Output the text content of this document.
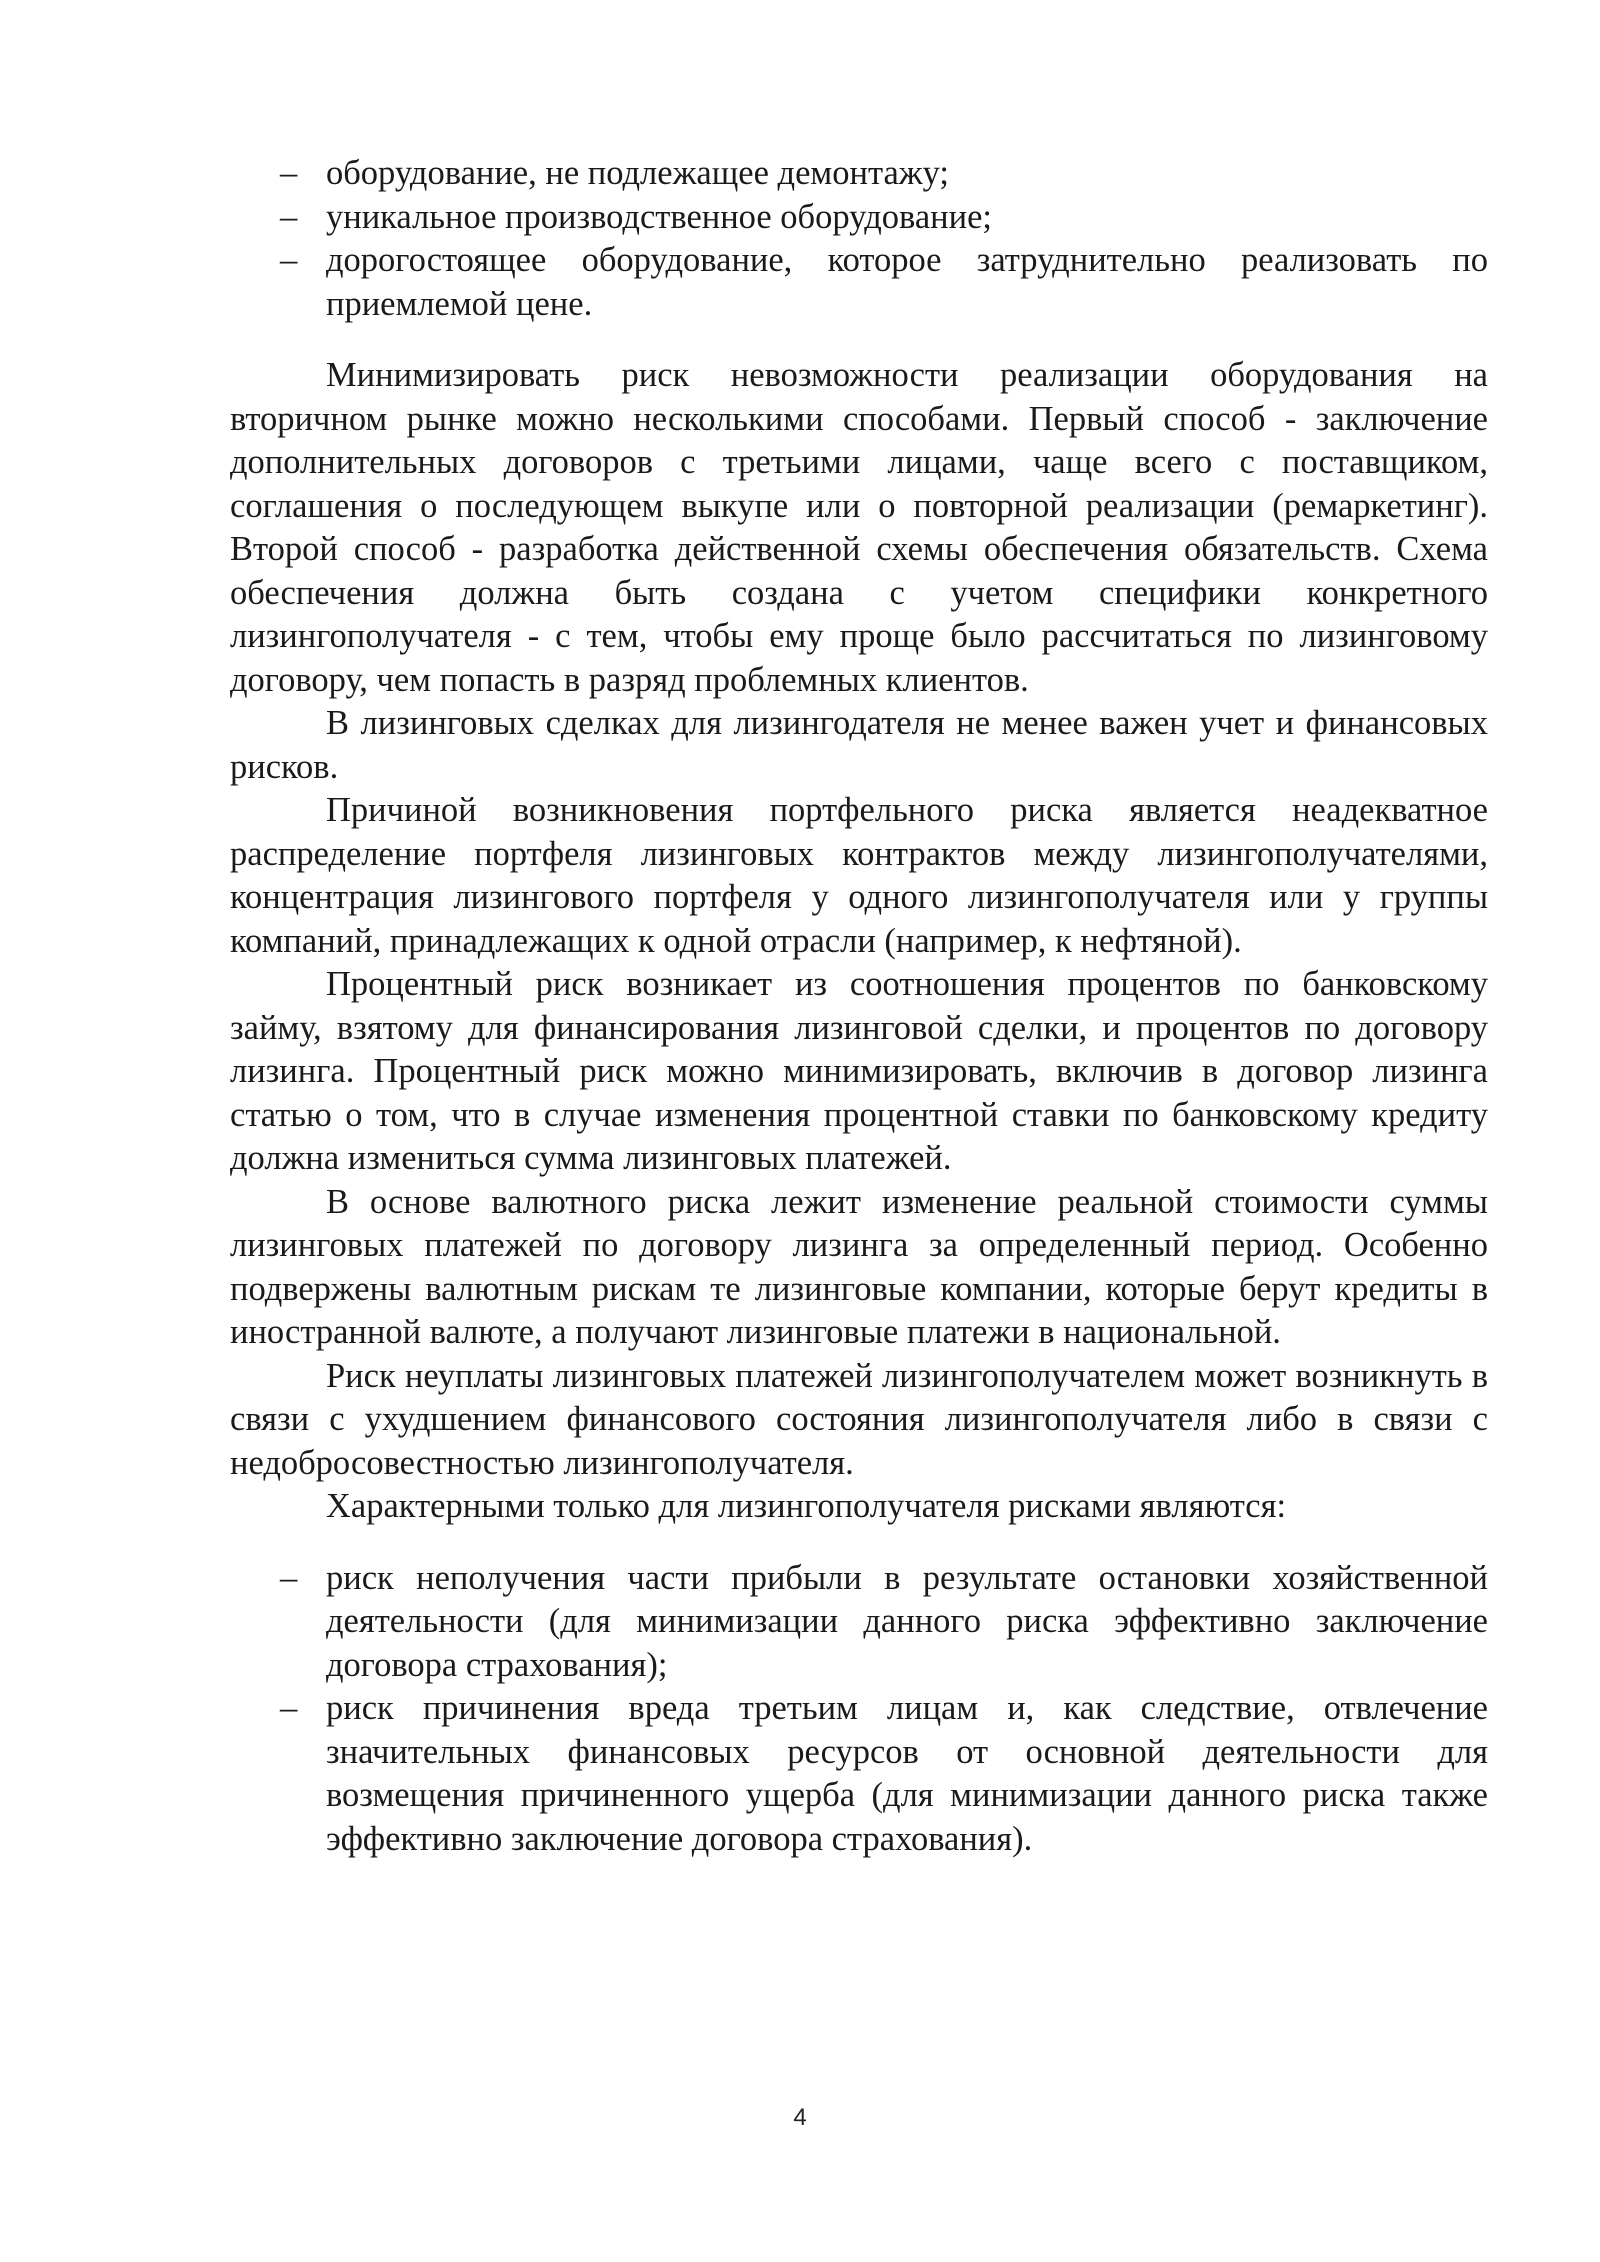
– оборудование, не подлежащее демонтажу;
– уникальное производственное оборудование;
– дорогостоящее оборудование, которое затруднительно реализовать по приемлемой цене.

Минимизировать риск невозможности реализации оборудования на вторичном рынке можно несколькими способами. Первый способ - заключение дополнительных договоров с третьими лицами, чаще всего с поставщиком, соглашения о последующем выкупе или о повторной реализации (ремаркетинг). Второй способ - разработка действенной схемы обеспечения обязательств. Схема обеспечения должна быть создана с учетом специфики конкретного лизингополучателя - с тем, чтобы ему проще было рассчитаться по лизинговому договору, чем попасть в разряд проблемных клиентов.

В лизинговых сделках для лизингодателя не менее важен учет и финансовых рисков.

Причиной возникновения портфельного риска является неадекватное распределение портфеля лизинговых контрактов между лизингополучателями, концентрация лизингового портфеля у одного лизингополучателя или у группы компаний, принадлежащих к одной отрасли (например, к нефтяной).

Процентный риск возникает из соотношения процентов по банковскому займу, взятому для финансирования лизинговой сделки, и процентов по договору лизинга. Процентный риск можно минимизировать, включив в договор лизинга статью о том, что в случае изменения процентной ставки по банковскому кредиту должна измениться сумма лизинговых платежей.

В основе валютного риска лежит изменение реальной стоимости суммы лизинговых платежей по договору лизинга за определенный период. Особенно подвержены валютным рискам те лизинговые компании, которые берут кредиты в иностранной валюте, а получают лизинговые платежи в национальной.

Риск неуплаты лизинговых платежей лизингополучателем может возникнуть в связи с ухудшением финансового состояния лизингополучателя либо в связи с недобросовестностью лизингополучателя.

Характерными только для лизингополучателя рисками являются:

– риск неполучения части прибыли в результате остановки хозяйственной деятельности (для минимизации данного риска эффективно заключение договора страхования);
– риск причинения вреда третьим лицам и, как следствие, отвлечение значительных финансовых ресурсов от основной деятельности для возмещения причиненного ущерба (для минимизации данного риска также эффективно заключение договора страхования).
4
